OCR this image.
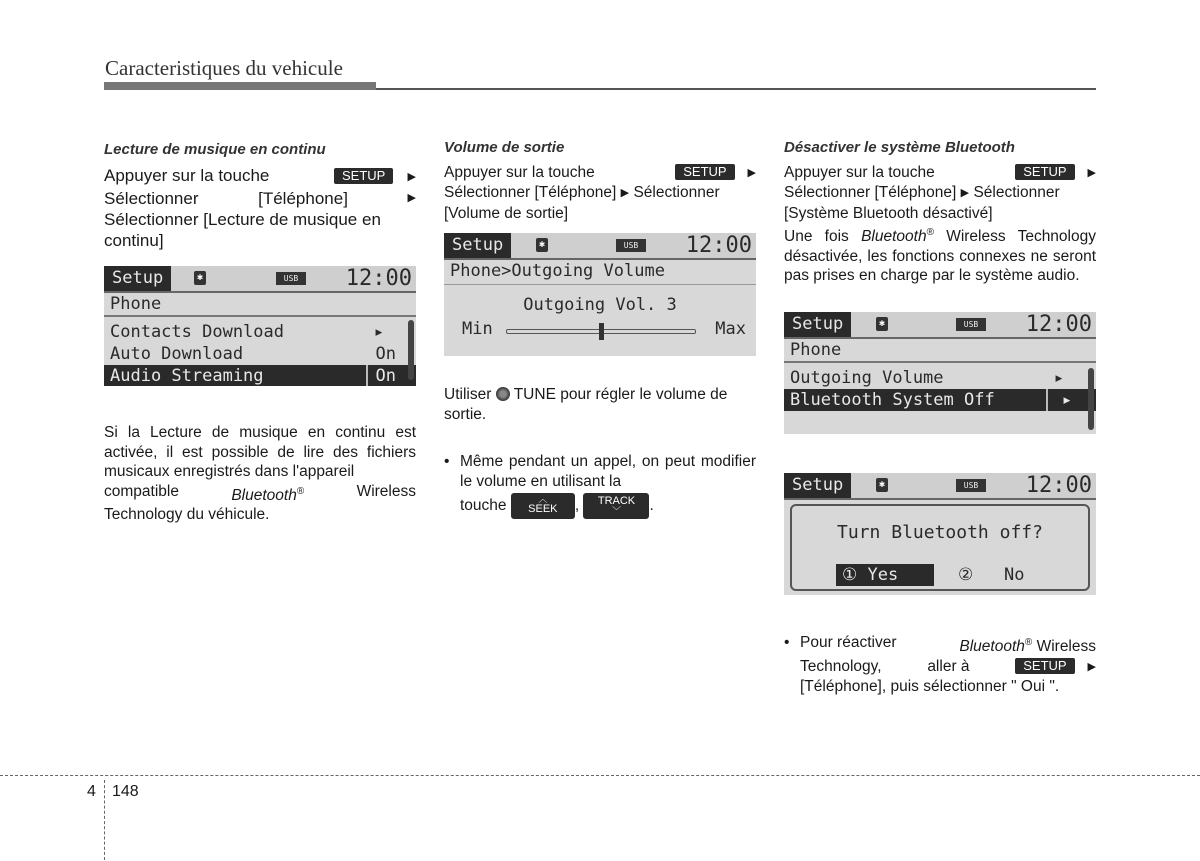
Caracteristiques du vehicule
Lecture de musique en continu
Appuyer sur la touche	SETUP ▶
Sélectionner	[Téléphone]	▶
Sélectionner [Lecture de musique en continu]
Setup	✱	USB	12:00
Phone
Contacts Download	▸
Auto Download	On
Audio Streaming	On
Si la Lecture de musique en continu est activée, il est possible de lire des fichiers musicaux enregistrés dans l'appareil
compatible	Bluetooth®	Wireless
Technology du véhicule.
Volume de sortie
Appuyer sur la touche	SETUP ▶
Sélectionner [Téléphone] ▶ Sélectionner
[Volume de sortie]
Setup	✱	USB	12:00
Phone>Outgoing Volume
Outgoing Vol. 3
Min	Max
Utiliser TUNE pour régler le volume de sortie.
• Même pendant un appel, on peut modifier le volume en utilisant la
touche	︿
SEEK ,	TRACK
﹀	.
Désactiver le système Bluetooth
Appuyer sur la touche	SETUP ▶
Sélectionner [Téléphone] ▶ Sélectionner
[Système Bluetooth désactivé]
Une fois Bluetooth® Wireless Technology désactivée, les fonctions connexes ne seront pas prises en charge par le système audio.
Setup	✱	USB	12:00
Phone
Outgoing Volume	▸
Bluetooth System Off	▸
Setup	✱	USB	12:00
Turn Bluetooth off?
① Yes	② No
• Pour réactiver	Bluetooth® Wireless
Technology,	aller à	SETUP ▶
[Téléphone], puis sélectionner " Oui ".
4 148
